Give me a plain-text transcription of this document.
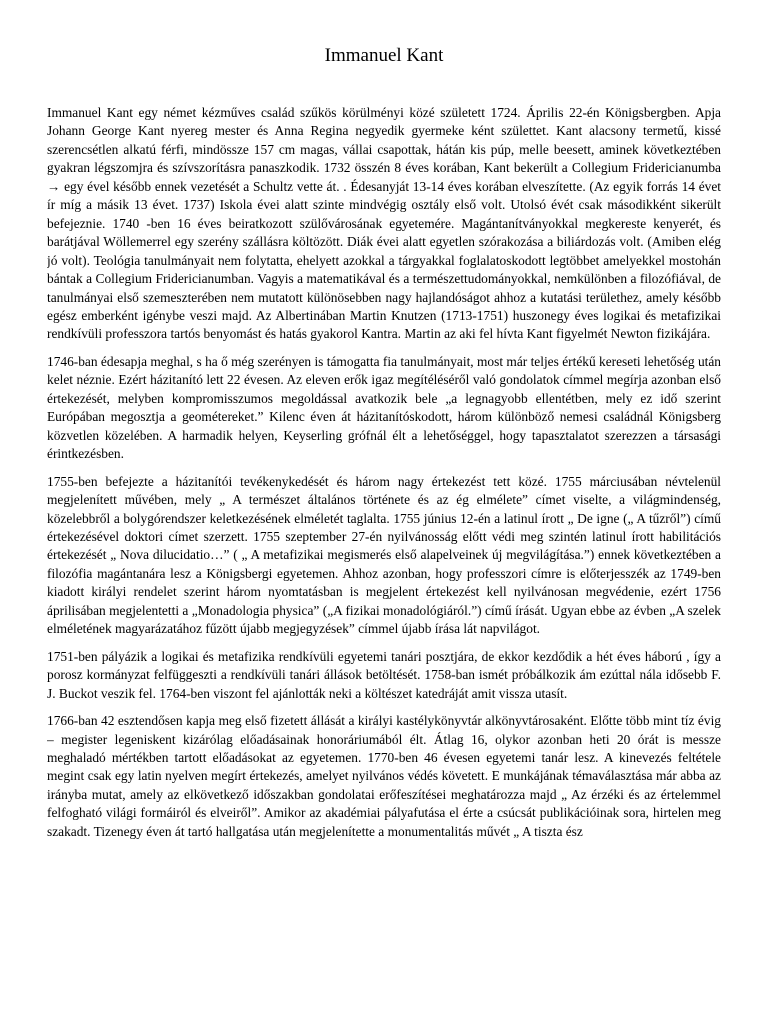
Immanuel Kant

Immanuel Kant egy német kézműves család szűkös körülményi közé született 1724. Április 22-én Königsbergben. Apja Johann George Kant nyereg mester és Anna Regina negyedik gyermeke ként születtet. Kant alacsony termetű, kissé szerencsétlen alkatú férfi, mindössze 157 cm magas, vállai csapottak, hátán kis púp, melle beesett, aminek következtében gyakran légszomjra és szívszorításra panaszkodik. 1732 összén 8 éves korában, Kant bekerült a Collegium Fridericianumba → egy ével később ennek vezetését a Schultz vette át. . Édesanyját 13-14 éves korában elveszítette. (Az egyik forrás 14 évet ír míg a másik 13 évet. 1737) Iskola évei alatt szinte mindvégig osztály első volt. Utolsó évét csak másodikként sikerült befejeznie. 1740 -ben 16 éves beiratkozott szülővárosának egyetemére. Magántanítványokkal megkereste kenyerét, és barátjával Wöllemerrel egy szerény szállásra költözött. Diák évei alatt egyetlen szórakozása a biliárdozás volt. (Amiben elég jó volt). Teológia tanulmányait nem folytatta, ehelyett azokkal a tárgyakkal foglalatoskodott legtöbbet amelyekkel mostohán bántak a Collegium Fridericianumban. Vagyis a matematikával és a természettudományokkal, nemkülönben a filozófiával, de tanulmányai első szemeszterében nem mutatott különösebben nagy hajlandóságot ahhoz a kutatási területhez, amely később egész emberként igénybe veszi majd. Az Albertinában Martin Knutzen (1713-1751) huszonegy éves logikai és metafizikai rendkívüli professzora tartós benyomást és hatás gyakorol Kantra. Martin az aki fel hívta Kant figyelmét Newton fizikájára.

1746-ban édesapja meghal, s ha ő még szerényen is támogatta fia tanulmányait, most már teljes értékű kereseti lehetőség után kelet néznie. Ezért házitanító lett 22 évesen. Az eleven erők igaz megítéléséről való gondolatok címmel megírja azonban első értekezését, melyben kompromisszumos megoldással avatkozik bele „a legnagyobb ellentétben, mely ez idő szerint Európában megosztja a geométereket.” Kilenc éven át házitanítóskodott, három különböző nemesi családnál Königsberg közvetlen közelében. A harmadik helyen, Keyserling grófnál élt a lehetőséggel, hogy tapasztalatot szerezzen a társasági érintkezésben.

1755-ben befejezte a házitanítói tevékenykedését és három nagy értekezést tett közé. 1755 márciusában névtelenül megjelenített művében, mely „ A természet általános története és az ég elmélete” címet viselte, a világmindenség, közelebbről a bolygórendszer keletkezésének elméletét taglalta. 1755 június 12-én a latinul írott „ De igne („ A tűzről”) című értekezésével doktori címet szerzett. 1755 szeptember 27-én nyilvánosság előtt védi meg szintén latinul írott habilitációs értekezését „ Nova dilucidatio…” ( „ A metafizikai megismerés első alapelveinek új megvilágítása.”) ennek következtében a filozófia magántanára lesz a Königsbergi egyetemen. Ahhoz azonban, hogy professzori címre is előterjesszék az 1749-ben kiadott királyi rendelet szerint három nyomtatásban is megjelent értekezést kell nyilvánosan megvédenie, ezért 1756 áprilisában megjelentetti a „Monadologia physica” („A fizikai monadológiáról.”) című írását. Ugyan ebbe az évben „A szelek elméletének magyarázatához fűzött újabb megjegyzések” címmel újabb írása lát napvilágot.

1751-ben pályázik a logikai és metafizika rendkívüli egyetemi tanári posztjára, de ekkor kezdődik a hét éves háború , így a porosz kormányzat felfüggeszti a rendkívüli tanári állások betöltését. 1758-ban ismét próbálkozik ám ezúttal nála idősebb F. J. Buckot veszik fel. 1764-ben viszont fel ajánlották neki a költészet katedráját amit vissza utasít.

1766-ban 42 esztendősen kapja meg első fizetett állását a királyi kastélykönyvtár alkönyvtárosaként. Előtte több mint tíz évig – megister legeniskent kizárólag előadásainak honoráriumából élt. Átlag 16, olykor azonban heti 20 órát is messze meghaladó mértékben tartott előadásokat az egyetemen. 1770-ben 46 évesen egyetemi tanár lesz. A kinevezés feltétele megint csak egy latin nyelven megírt értekezés, amelyet nyilvános védés követett. E munkájának témaválasztása már abba az irányba mutat, amely az elkövetkező időszakban gondolatai erőfeszítései meghatározza majd „ Az érzéki és az értelemmel felfogható világi formáiról és elveiről”. Amikor az akadémiai pályafutása el érte a csúcsát publikációinak sora, hirtelen meg szakadt. Tizenegy éven át tartó hallgatása után megjelenítette a monumentalitás művét „ A tiszta ész
